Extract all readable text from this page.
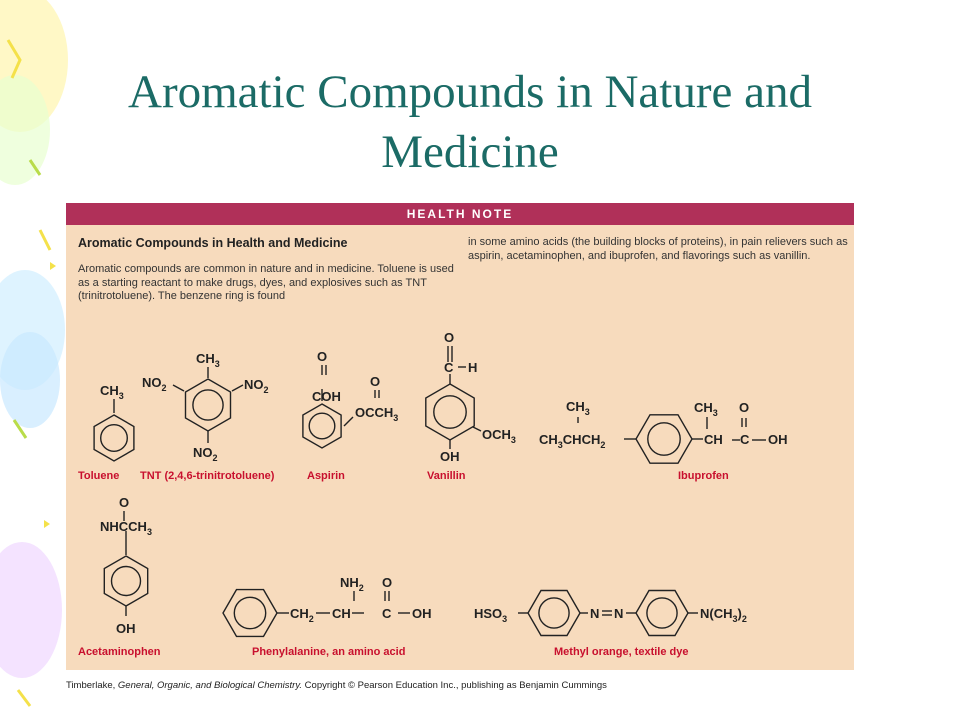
Aromatic Compounds in Nature and Medicine
HEALTH NOTE
Aromatic Compounds in Health and Medicine
Aromatic compounds are common in nature and in medicine. Toluene is used as a starting reactant to make drugs, dyes, and explosives such as TNT (trinitrotoluene). The benzene ring is found
in some amino acids (the building blocks of proteins), in pain relievers such as aspirin, acetaminophen, and ibuprofen, and flavorings such as vanillin.
$CH_3$
$CH_3$
$NO_2$	$NO_2$
$NO_2$
O
COH
O
$OCCH_3$
O
C H
OH
$OCH_3$
$CH_3$
$CH_3CHCH_2$
$CH_3$ O
CH C OH
O
$NHCCH_3$
OH
$CH_2$
$NH_2$ O
CH C OH	$HSO_3$	N N	$N(CH_3)_2$
Toluene TNT (2,4,6-trinitrotoluene)	Aspirin	Vanillin	Ibuprofen
Acetaminophen	Phenylalanine, an amino acid	Methyl orange, textile dye
Timberlake, General, Organic, and Biological Chemistry. Copyright © Pearson Education Inc., publishing as Benjamin Cummings
